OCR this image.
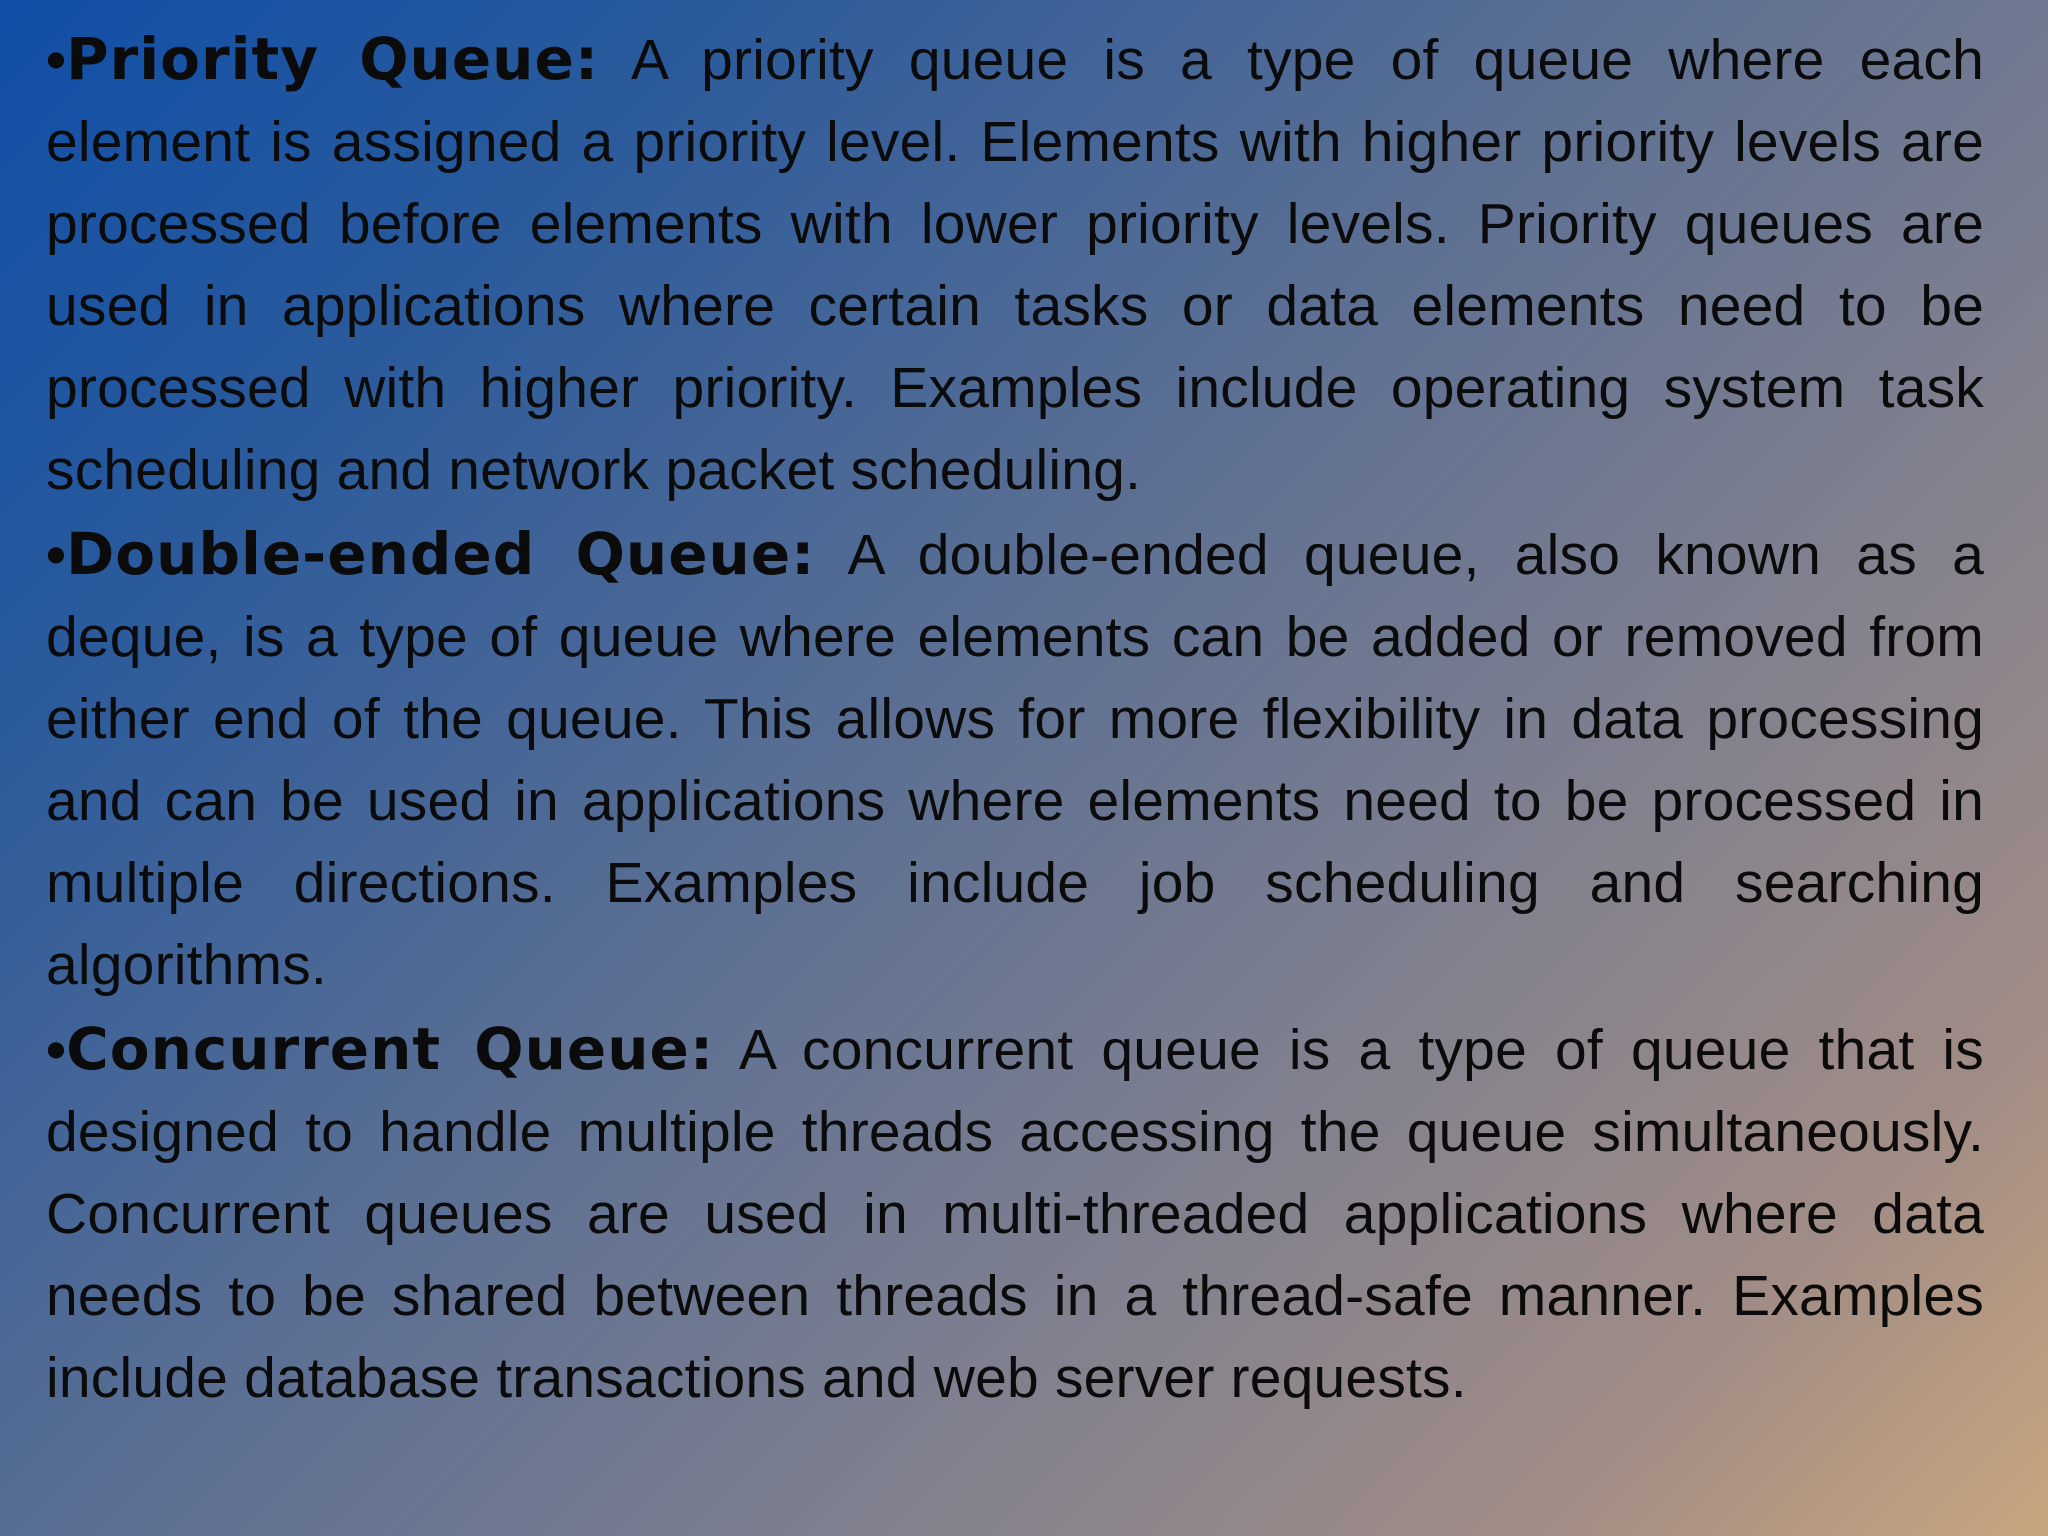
•Priority Queue: A priority queue is a type of queue where each element is assigned a priority level. Elements with higher priority levels are processed before elements with lower priority levels. Priority queues are used in applications where certain tasks or data elements need to be processed with higher priority. Examples include operating system task scheduling and network packet scheduling.

•Double-ended Queue: A double-ended queue, also known as a deque, is a type of queue where elements can be added or removed from either end of the queue. This allows for more flexibility in data processing and can be used in applications where elements need to be processed in multiple directions. Examples include job scheduling and searching algorithms.

•Concurrent Queue: A concurrent queue is a type of queue that is designed to handle multiple threads accessing the queue simultaneously. Concurrent queues are used in multi-threaded applications where data needs to be shared between threads in a thread-safe manner. Examples include database transactions and web server requests.
